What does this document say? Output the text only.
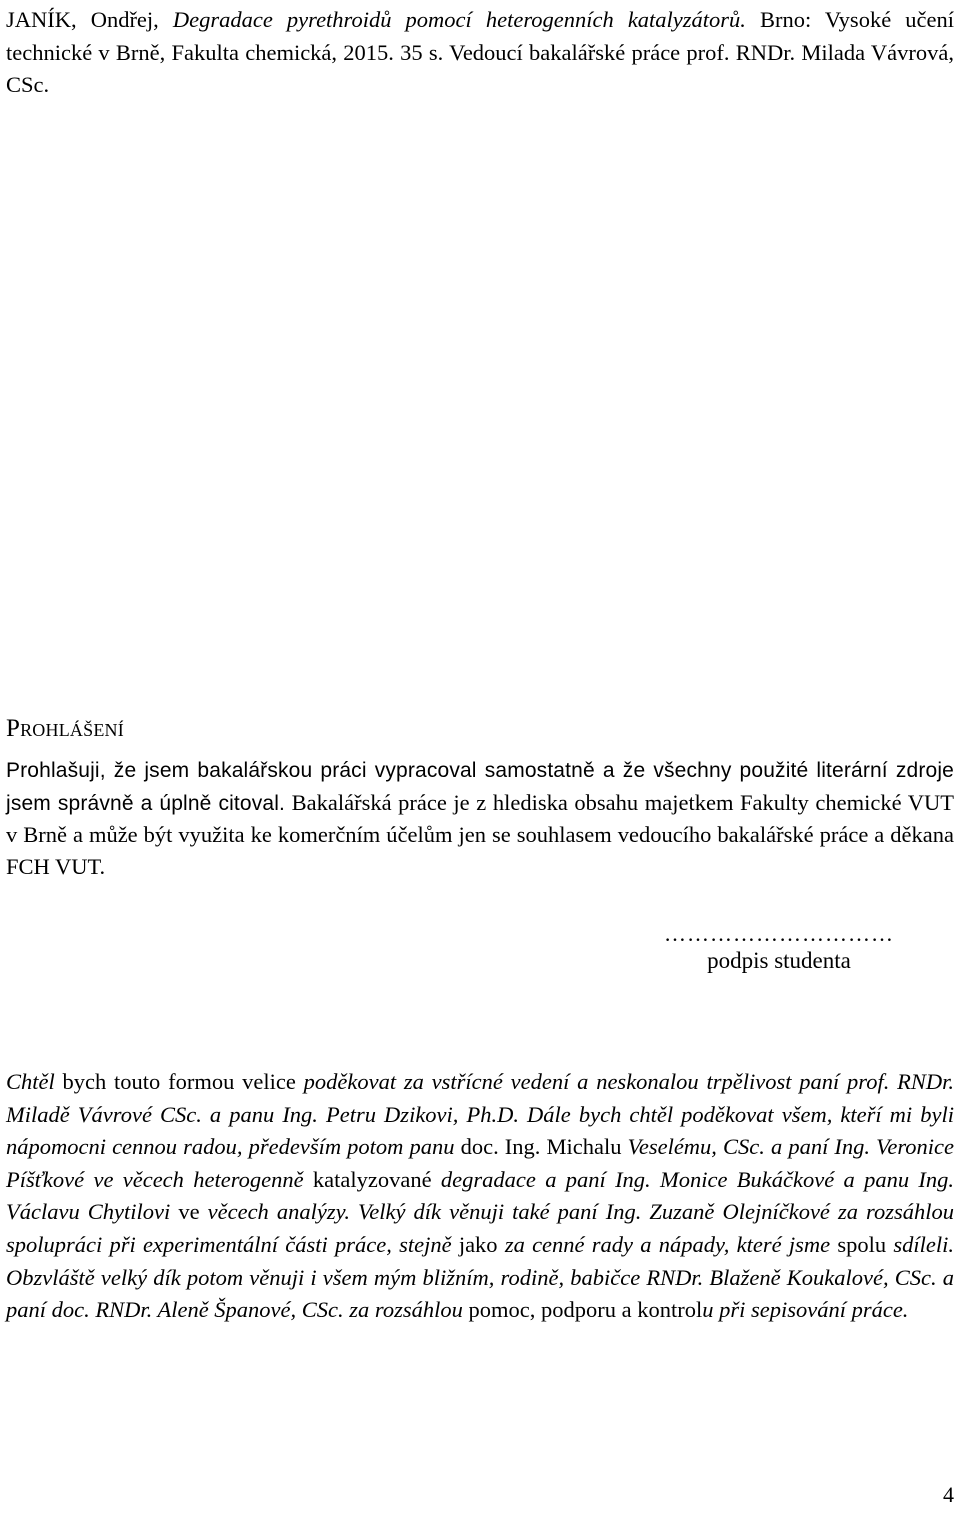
JANÍK, Ondřej, Degradace pyrethroidů pomocí heterogenních katalyzátorů. Brno: Vysoké učení technické v Brně, Fakulta chemická, 2015. 35 s. Vedoucí bakalářské práce prof. RNDr. Milada Vávrová, CSc.

Prohlášení

Prohlašuji, že jsem bakalářskou práci vypracoval samostatně a že všechny použité literární zdroje jsem správně a úplně citoval. Bakalářská práce je z hlediska obsahu majetkem Fakulty chemické VUT v Brně a může být využita ke komerčním účelům jen se souhlasem vedoucího bakalářské práce a děkana FCH VUT.

…………………………
podpis studenta

Chtěl bych touto formou velice poděkovat za vstřícné vedení a neskonalou trpělivost paní prof. RNDr. Miladě Vávrové CSc. a panu Ing. Petru Dzikovi, Ph.D. Dále bych chtěl poděkovat všem, kteří mi byli nápomocni cennou radou, především potom panu doc. Ing. Michalu Veselému, CSc. a paní Ing. Veronice Píšťkové ve věcech heterogenně katalyzované degradace a paní Ing. Monice Bukáčkové a panu Ing. Václavu Chytilovi ve věcech analýzy. Velký dík věnuji také paní Ing. Zuzaně Olejníčkové za rozsáhlou spolupráci při experimentální části práce, stejně jako za cenné rady a nápady, které jsme spolu sdíleli. Obzvláště velký dík potom věnuji i všem mým bližním, rodině, babičce RNDr. Blaženě Koukalové, CSc. a paní doc. RNDr. Aleně Španové, CSc. za rozsáhlou pomoc, podporu a kontrolu při sepisování práce.

4
